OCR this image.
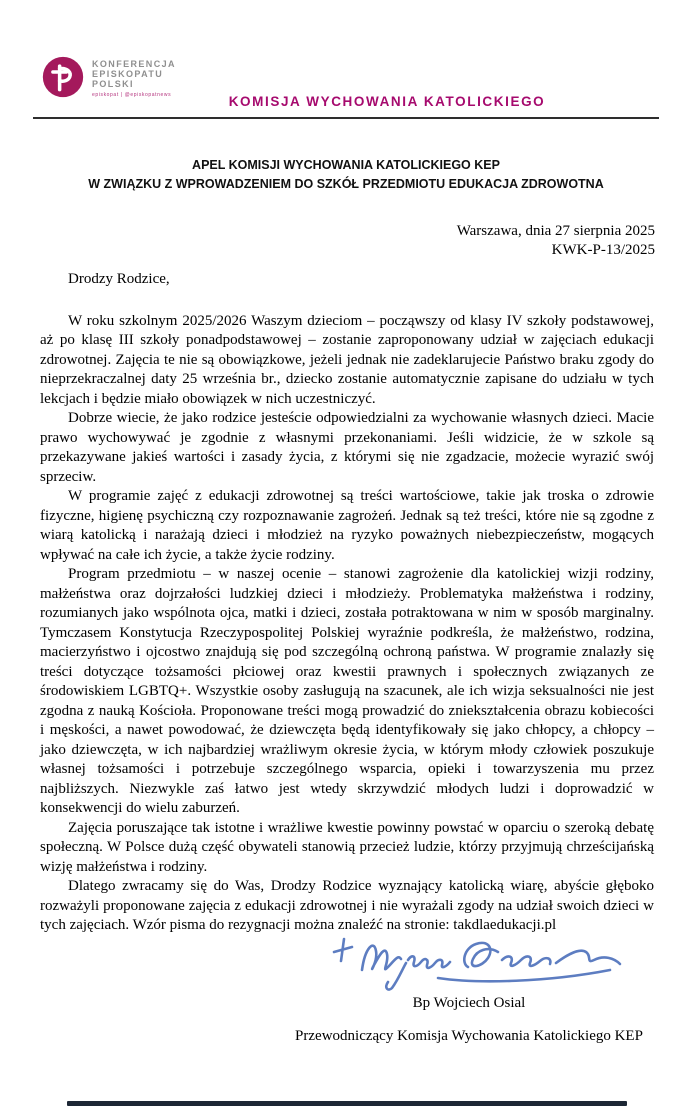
KONFERENCJA
EPISKOPATU
POLSKI
episkopat | @episkopatnews	KOMISJA WYCHOWANIA KATOLICKIEGO
APEL KOMISJI WYCHOWANIA KATOLICKIEGO KEP
W ZWIĄZKU Z WPROWADZENIEM DO SZKÓŁ PRZEDMIOTU EDUKACJA ZDROWOTNA
Warszawa, dnia 27 sierpnia 2025
KWK-P-13/2025
Drodzy Rodzice,

W roku szkolnym 2025/2026 Waszym dzieciom – począwszy od klasy IV szkoły podstawowej, aż po klasę III szkoły ponadpodstawowej – zostanie zaproponowany udział w zajęciach edukacji zdrowotnej. Zajęcia te nie są obowiązkowe, jeżeli jednak nie zadeklarujecie Państwo braku zgody do nieprzekraczalnej daty 25 września br., dziecko zostanie automatycznie zapisane do udziału w tych lekcjach i będzie miało obowiązek w nich uczestniczyć.

Dobrze wiecie, że jako rodzice jesteście odpowiedzialni za wychowanie własnych dzieci. Macie prawo wychowywać je zgodnie z własnymi przekonaniami. Jeśli widzicie, że w szkole są przekazywane jakieś wartości i zasady życia, z którymi się nie zgadzacie, możecie wyrazić swój sprzeciw.

W programie zajęć z edukacji zdrowotnej są treści wartościowe, takie jak troska o zdrowie fizyczne, higienę psychiczną czy rozpoznawanie zagrożeń. Jednak są też treści, które nie są zgodne z wiarą katolicką i narażają dzieci i młodzież na ryzyko poważnych niebezpieczeństw, mogących wpływać na całe ich życie, a także życie rodziny.

Program przedmiotu – w naszej ocenie – stanowi zagrożenie dla katolickiej wizji rodziny, małżeństwa oraz dojrzałości ludzkiej dzieci i młodzieży. Problematyka małżeństwa i rodziny, rozumianych jako wspólnota ojca, matki i dzieci, została potraktowana w nim w sposób marginalny. Tymczasem Konstytucja Rzeczypospolitej Polskiej wyraźnie podkreśla, że małżeństwo, rodzina, macierzyństwo i ojcostwo znajdują się pod szczególną ochroną państwa. W programie znalazły się treści dotyczące tożsamości płciowej oraz kwestii prawnych i społecznych związanych ze środowiskiem LGBTQ+. Wszystkie osoby zasługują na szacunek, ale ich wizja seksualności nie jest zgodna z nauką Kościoła. Proponowane treści mogą prowadzić do zniekształcenia obrazu kobiecości i męskości, a nawet powodować, że dziewczęta będą identyfikowały się jako chłopcy, a chłopcy – jako dziewczęta, w ich najbardziej wrażliwym okresie życia, w którym młody człowiek poszukuje własnej tożsamości i potrzebuje szczególnego wsparcia, opieki i towarzyszenia mu przez najbliższych. Niezwykle zaś łatwo jest wtedy skrzywdzić młodych ludzi i doprowadzić w konsekwencji do wielu zaburzeń.

Zajęcia poruszające tak istotne i wrażliwe kwestie powinny powstać w oparciu o szeroką debatę społeczną. W Polsce dużą część obywateli stanowią przecież ludzie, którzy przyjmują chrześcijańską wizję małżeństwa i rodziny.

Dlatego zwracamy się do Was, Drodzy Rodzice wyznający katolicką wiarę, abyście głęboko rozważyli proponowane zajęcia z edukacji zdrowotnej i nie wyrażali zgody na udział swoich dzieci w tych zajęciach. Wzór pisma do rezygnacji można znaleźć na stronie: takdlaedukacji.pl

Bp Wojciech Osial
Przewodniczący Komisja Wychowania Katolickiego KEP
